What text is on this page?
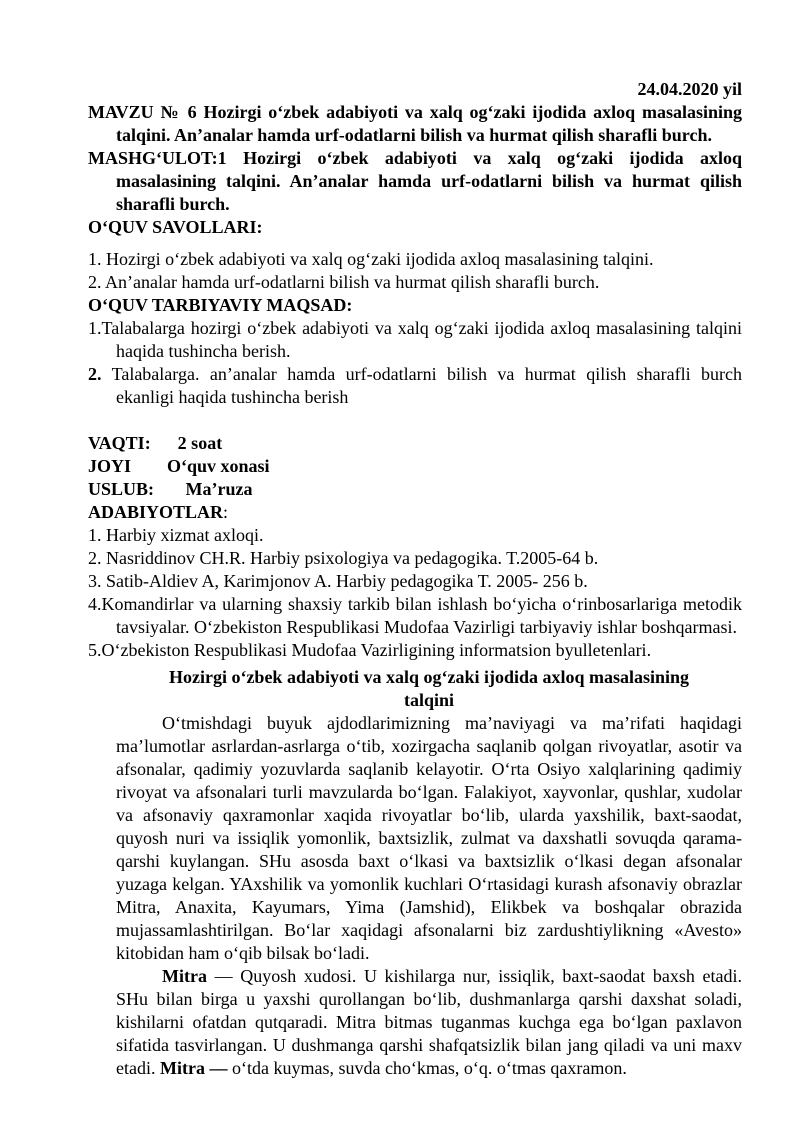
24.04.2020 yil
MAVZU № 6 Hozirgi oʻzbek adabiyoti va xalq ogʻzaki ijodida axloq masalasining talqini. An’analar hamda urf-odatlarni bilish va hurmat qilish sharafli burch.
MASHGʻULOT:1 Hozirgi oʻzbek adabiyoti va xalq ogʻzaki ijodida axloq masalasining talqini. An’analar hamda urf-odatlarni bilish va hurmat qilish sharafli burch.
OʻQUV SAVOLLARI:
1. Hozirgi oʻzbek adabiyoti va xalq ogʻzaki ijodida axloq masalasining talqini.
2. An’analar hamda urf-odatlarni bilish va hurmat qilish sharafli burch.
OʻQUV TARBIYAVIY MAQSAD:
1.Talabalarga hozirgi oʻzbek adabiyoti va xalq ogʻzaki ijodida axloq masalasining talqini haqida tushincha berish.
2. Talabalarga. an’analar hamda urf-odatlarni bilish va hurmat qilish sharafli burch ekanligi haqida tushincha berish
VAQTI:      2 soat
JOYI        Oʻquv xonasi
USLUB:       Ma’ruza
ADABIYOTLAR:
1. Harbiy xizmat axloqi.
2. Nasriddinov CH.R. Harbiy psixologiya va pedagogika. T.2005-64 b.
3. Satib-Aldiev A, Karimjonov A. Harbiy pedagogika T. 2005- 256 b.
4.Komandirlar va ularning shaxsiy tarkib bilan ishlash boʻyicha oʻrinbosarlariga metodik tavsiyalar. Oʻzbekiston Respublikasi Mudofaa Vazirligi tarbiyaviy ishlar boshqarmasi.
5.Oʻzbekiston Respublikasi Mudofaa Vazirligining informatsion byulletenlari.
Hozirgi oʻzbek adabiyoti va xalq ogʻzaki ijodida axloq masalasining
talqini
Oʻtmishdagi buyuk ajdodlarimizning ma’naviyagi va ma’rifati haqidagi ma’lumotlar asrlardan-asrlarga oʻtib, xozirgacha saqlanib qolgan rivoyatlar, asotir va afsonalar, qadimiy yozuvlarda saqlanib kelayotir. Oʻrta Osiyo xalqlarining qadimiy rivoyat va afsonalari turli mavzularda boʻlgan. Falakiyot, xayvonlar, qushlar, xudolar va afsonaviy qaxramonlar xaqida rivoyatlar boʻlib, ularda yaxshilik, baxt-saodat, quyosh nuri va issiqlik yomonlik, baxtsizlik, zulmat va daxshatli sovuqda qarama-qarshi kuylangan. SHu asosda baxt oʻlkasi va baxtsizlik oʻlkasi degan afsonalar yuzaga kelgan. YAxshilik va yomonlik kuchlari Oʻrtasidagi kurash afsonaviy obrazlar Mitra, Anaxita, Kayumars, Yima (Jamshid), Elikbek va boshqalar obrazida mujassamlashtirilgan. Boʻlar xaqidagi afsonalarni biz zardushtiylikning «Avesto» kitobidan ham oʻqib bilsak boʻladi.
Mitra — Quyosh xudosi. U kishilarga nur, issiqlik, baxt-saodat baxsh etadi. SHu bilan birga u yaxshi qurollangan boʻlib, dushmanlarga qarshi daxshat soladi, kishilarni ofatdan qutqaradi. Mitra bitmas tuganmas kuchga ega boʻlgan paxlavon sifatida tasvirlangan. U dushmanga qarshi shafqatsizlik bilan jang qiladi va uni maxv etadi. Mitra — oʻtda kuymas, suvda choʻkmas, oʻq. oʻtmas qaxramon.
